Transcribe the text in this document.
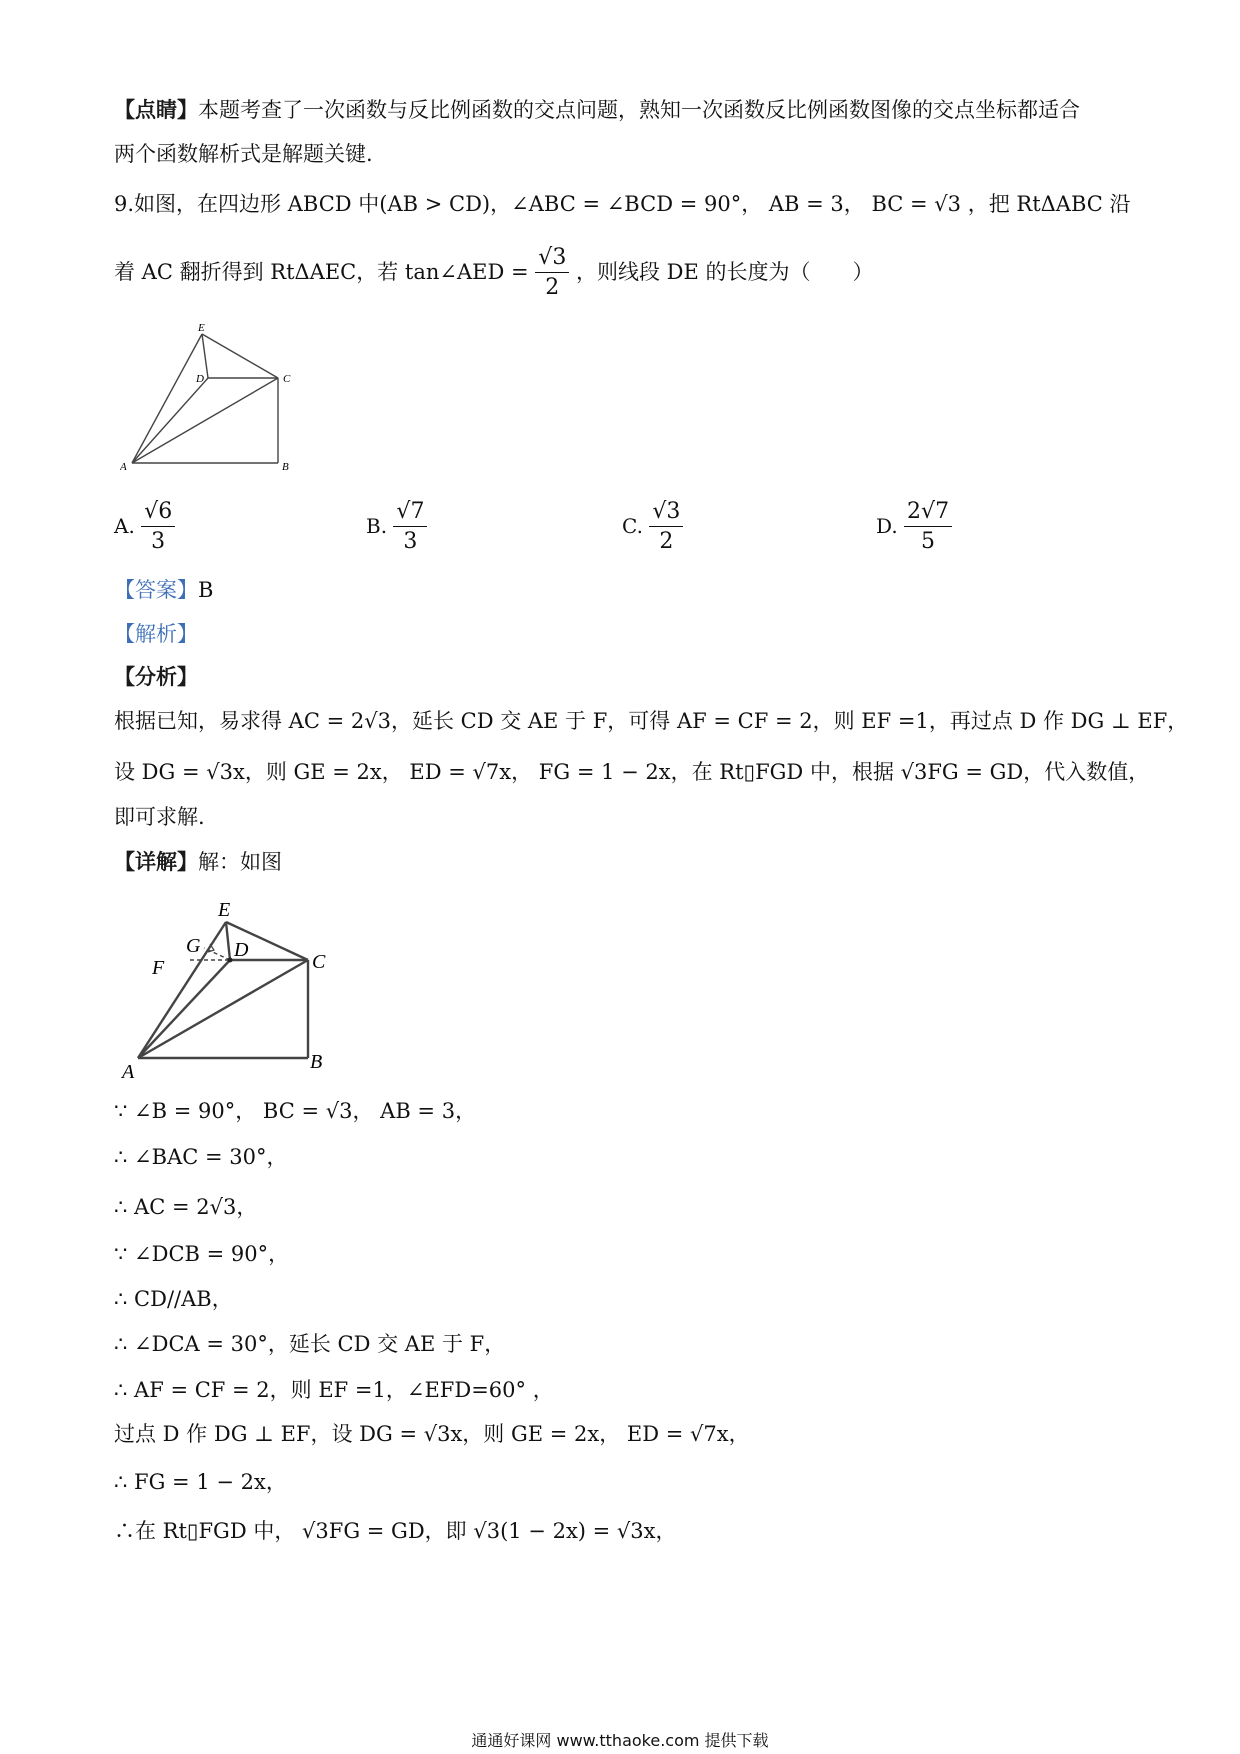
【点睛】本题考查了一次函数与反比例函数的交点问题，熟知一次函数反比例函数图像的交点坐标都适合
两个函数解析式是解题关键.
9.如图，在四边形 ABCD 中(AB > CD)，∠ABC = ∠BCD = 90°， AB = 3， BC = √3 ，把 RtΔABC 沿
着 AC 翻折得到 RtΔAEC，若 tan∠AED = $\frac{√3}{2}$ ，则线段 DE 的长度为（　　）
E
D	C
A	B
A. $\frac{√6}{3}$	B. $\frac{√7}{3}$	C. $\frac{√3}{2}$	D. $\frac{2√7}{5}$
【答案】B
【解析】
【分析】
根据已知，易求得 AC = 2√3，延长 CD 交 AE 于 F，可得 AF = CF = 2，则 EF =1，再过点 D 作 DG ⊥ EF，
设 DG = √3x，则 GE = 2x， ED = √7x， FG = 1 − 2x，在 Rt▯FGD 中，根据 √3FG = GD，代入数值，
即可求解.
【详解】解：如图
E
G D
F	C
A	B
∵ ∠B = 90°， BC = √3， AB = 3，
∴ ∠BAC = 30°，
∴ AC = 2√3，
∵ ∠DCB = 90°，
∴ CD//AB，
∴ ∠DCA = 30°，延长 CD 交 AE 于 F，
∴ AF = CF = 2，则 EF =1，∠EFD=60° ，
过点 D 作 DG ⊥ EF，设 DG = √3x，则 GE = 2x， ED = √7x，
∴ FG = 1 − 2x，
∴在 Rt▯FGD 中， √3FG = GD，即 √3(1 − 2x) = √3x，
通通好课网 www.tthaoke.com 提供下载
